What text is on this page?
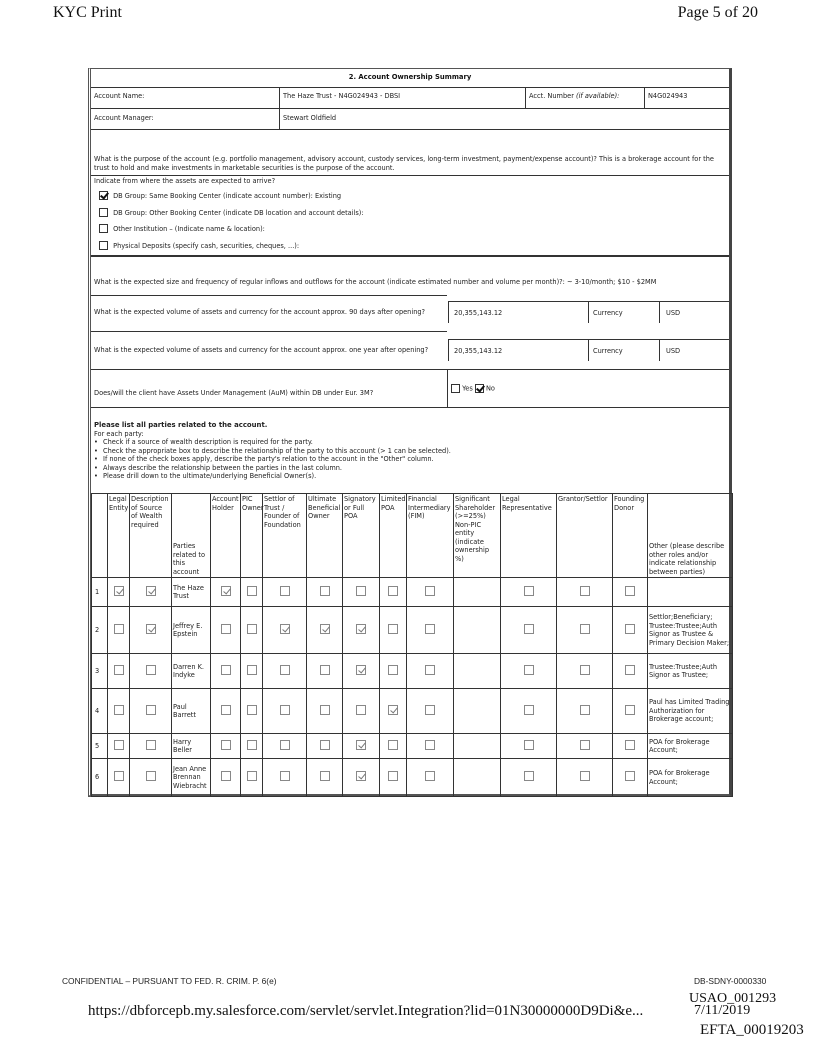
KYC Print	Page 5 of 20
2. Account Ownership Summary
Account Name:	The Haze Trust - N4G024943 - DBSI	Acct. Number (if available):	N4G024943
Account Manager:	Stewart Oldfield
What is the purpose of the account (e.g. portfolio management, advisory account, custody services, long-term investment, payment/expense account)? This is a brokerage account for the trust to hold and make investments in marketable securities is the purpose of the account.
Indicate from where the assets are expected to arrive?
DB Group: Same Booking Center (indicate account number): Existing
DB Group: Other Booking Center (indicate DB location and account details):
Other Institution – (Indicate name & location):
Physical Deposits (specify cash, securities, cheques, ...):
What is the expected size and frequency of regular inflows and outflows for the account (indicate estimated number and volume per month)?: ~ 3-10/month; $10 - $2MM
What is the expected volume of assets and currency for the account approx. 90 days after opening?	20,355,143.12	Currency	USD
What is the expected volume of assets and currency for the account approx. one year after opening?	20,355,143.12	Currency	USD
Does/will the client have Assets Under Management (AuM) within DB under Eur. 3M?
Yes No
Please list all parties related to the account.
For each party:
• Check if a source of wealth description is required for the party.
• Check the appropriate box to describe the relationship of the party to this account (> 1 can be selected).
• If none of the check boxes apply, describe the party's relation to the account in the "Other" column.
• Always describe the relationship between the parties in the last column.
• Please drill down to the ultimate/underlying Beneficial Owner(s).
	Legal Entity	Description of Source of Wealth required	Parties related to this account	Account Holder	PIC Owner	Settlor of Trust / Founder of Foundation	Ultimate Beneficial Owner	Signatory or Full POA	Limited POA	Financial Intermediary (FIM)	Significant Shareholder (>=25%) Non-PIC entity (indicate ownership %)	Legal Representative	Grantor/Settlor	Founding Donor	Other (please describe other roles and/or indicate relationship between parties)
1			The Haze Trust												
2			Jeffrey E. Epstein												Settlor;Beneficiary; Trustee:Trustee;Auth Signor as Trustee & Primary Decision Maker;
3			Darren K. Indyke												Trustee:Trustee;Auth Signor as Trustee;
4			Paul Barrett												Paul has Limited Trading Authorization for Brokerage account;
5			Harry Beller												POA for Brokerage Account;
6			Jean Anne Brennan Wiebracht												POA for Brokerage Account;
CONFIDENTIAL – PURSUANT TO FED. R. CRIM. P. 6(e)	DB-SDNY-0000330
https://dbforcepb.my.salesforce.com/servlet/servlet.Integration?lid=01N30000000D9Di&e...
USAO_001293
7/11/2019
EFTA_00019203
